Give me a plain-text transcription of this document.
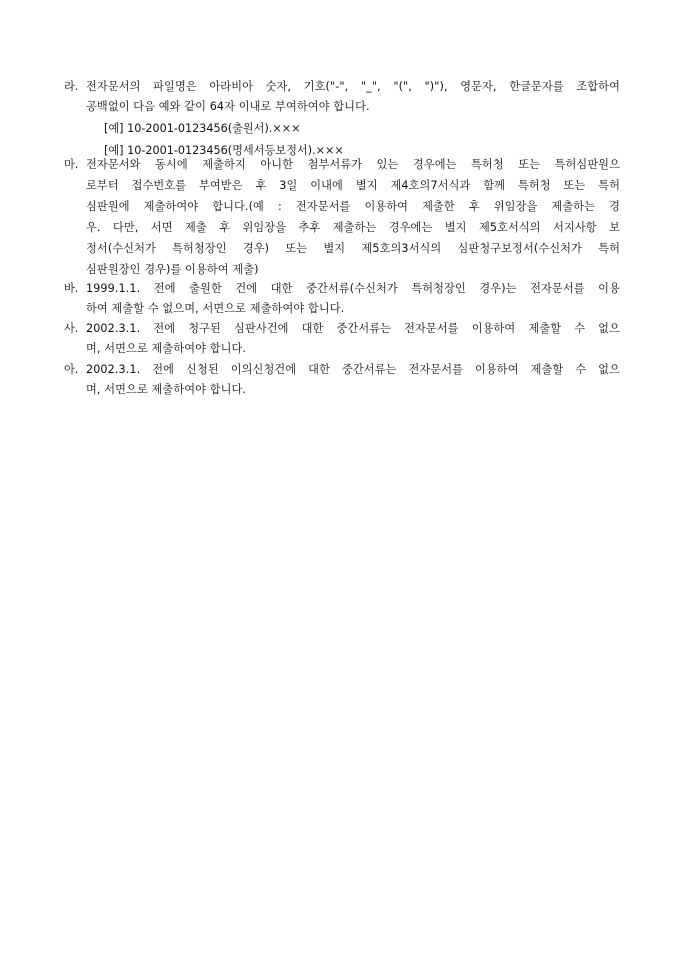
라. 전자문서의 파일명은 아라비아 숫자, 기호("-", "_", "(", ")"), 영문자, 한글문자를 조합하여
공백없이 다음 예와 같이 64자 이내로 부여하여야 합니다.
[예] 10-2001-0123456(출원서).×××
[예] 10-2001-0123456(명세서등보정서).×××
마. 전자문서와 동시에 제출하지 아니한 첨부서류가 있는 경우에는 특허청 또는 특허심판원으
로부터 접수번호를 부여받은 후 3일 이내에 별지 제4호의7서식과 함께 특허청 또는 특허
심판원에 제출하여야 합니다.(예 : 전자문서를 이용하여 제출한 후 위임장을 제출하는 경
우. 다만, 서면 제출 후 위임장을 추후 제출하는 경우에는 별지 제5호서식의 서지사항 보
정서(수신처가 특허청장인 경우) 또는 별지 제5호의3서식의 심판청구보정서(수신처가 특허
심판원장인 경우)를 이용하여 제출)
바. 1999.1.1. 전에 출원한 건에 대한 중간서류(수신처가 특허청장인 경우)는 전자문서를 이용
하여 제출할 수 없으며, 서면으로 제출하여야 합니다.
사. 2002.3.1. 전에 청구된 심판사건에 대한 중간서류는 전자문서를 이용하여 제출할 수 없으
며, 서면으로 제출하여야 합니다.
아. 2002.3.1. 전에 신청된 이의신청건에 대한 중간서류는 전자문서를 이용하여 제출할 수 없으
며, 서면으로 제출하여야 합니다.
